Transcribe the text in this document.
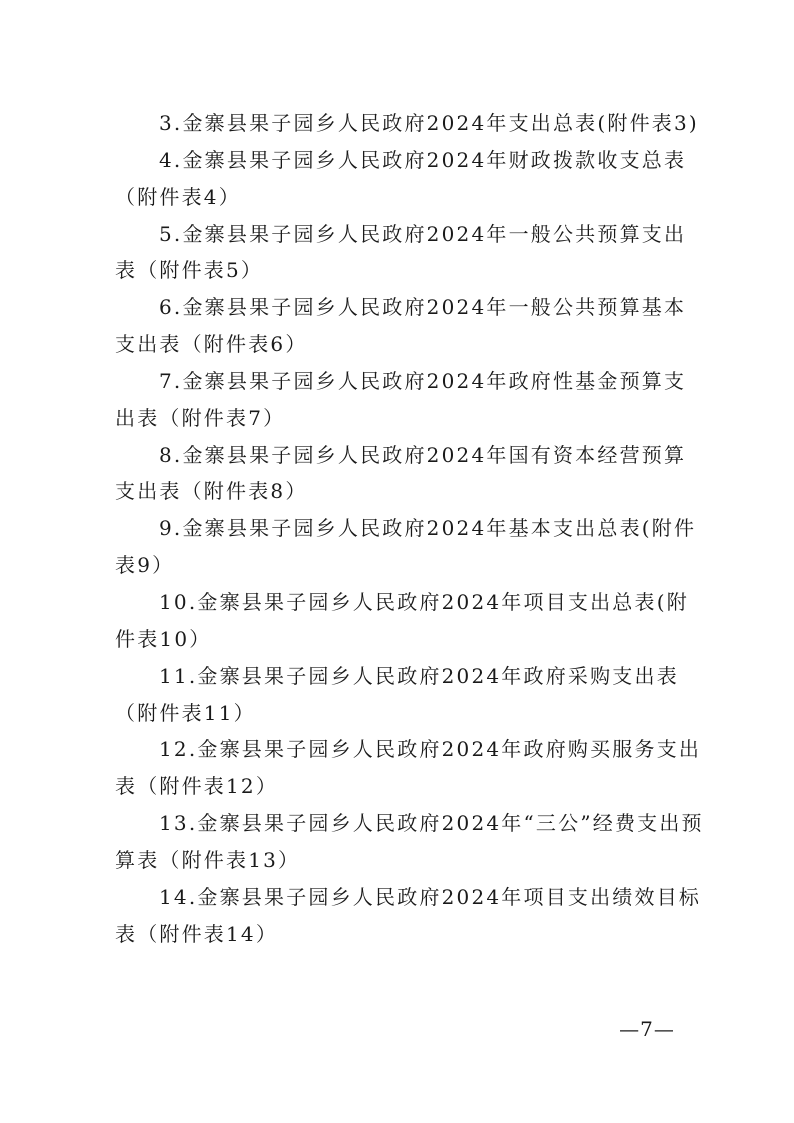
3.金寨县果子园乡人民政府2024年支出总表(附件表3)

4.金寨县果子园乡人民政府2024年财政拨款收支总表
（附件表4）

5.金寨县果子园乡人民政府2024年一般公共预算支出
表（附件表5）

6.金寨县果子园乡人民政府2024年一般公共预算基本
支出表（附件表6）

7.金寨县果子园乡人民政府2024年政府性基金预算支
出表（附件表7）

8.金寨县果子园乡人民政府2024年国有资本经营预算
支出表（附件表8）

9.金寨县果子园乡人民政府2024年基本支出总表(附件
表9）

10.金寨县果子园乡人民政府2024年项目支出总表(附
件表10）

11.金寨县果子园乡人民政府2024年政府采购支出表
（附件表11）

12.金寨县果子园乡人民政府2024年政府购买服务支出
表（附件表12）

13.金寨县果子园乡人民政府2024年“三公”经费支出预
算表（附件表13）

14.金寨县果子园乡人民政府2024年项目支出绩效目标
表（附件表14）

—7—
